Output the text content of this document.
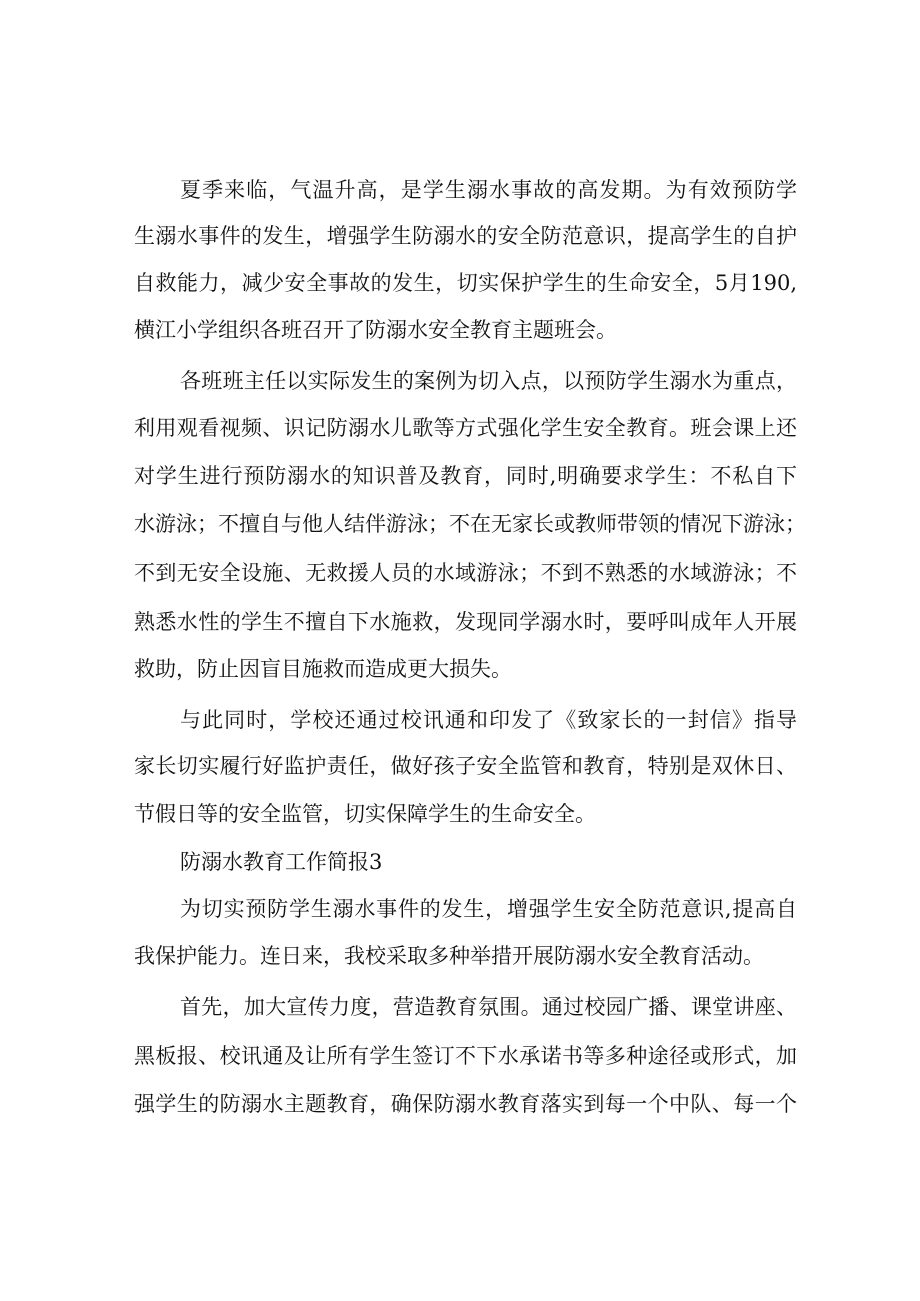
夏季来临，气温升高，是学生溺水事故的高发期。为有效预防学
生溺水事件的发生，增强学生防溺水的安全防范意识，提高学生的自护
自救能力，减少安全事故的发生，切实保护学生的生命安全，5月190,
横江小学组织各班召开了防溺水安全教育主题班会。
各班班主任以实际发生的案例为切入点，以预防学生溺水为重点，
利用观看视频、识记防溺水儿歌等方式强化学生安全教育。班会课上还
对学生进行预防溺水的知识普及教育，同时,明确要求学生：不私自下
水游泳；不擅自与他人结伴游泳；不在无家长或教师带领的情况下游泳；
不到无安全设施、无救援人员的水域游泳；不到不熟悉的水域游泳；不
熟悉水性的学生不擅自下水施救，发现同学溺水时，要呼叫成年人开展
救助，防止因盲目施救而造成更大损失。
与此同时，学校还通过校讯通和印发了《致家长的一封信》指导
家长切实履行好监护责任，做好孩子安全监管和教育，特别是双休日、
节假日等的安全监管，切实保障学生的生命安全。
防溺水教育工作简报3
为切实预防学生溺水事件的发生，增强学生安全防范意识,提高自
我保护能力。连日来，我校采取多种举措开展防溺水安全教育活动。
首先，加大宣传力度，营造教育氛围。通过校园广播、课堂讲座、
黑板报、校讯通及让所有学生签订不下水承诺书等多种途径或形式，加
强学生的防溺水主题教育，确保防溺水教育落实到每一个中队、每一个
